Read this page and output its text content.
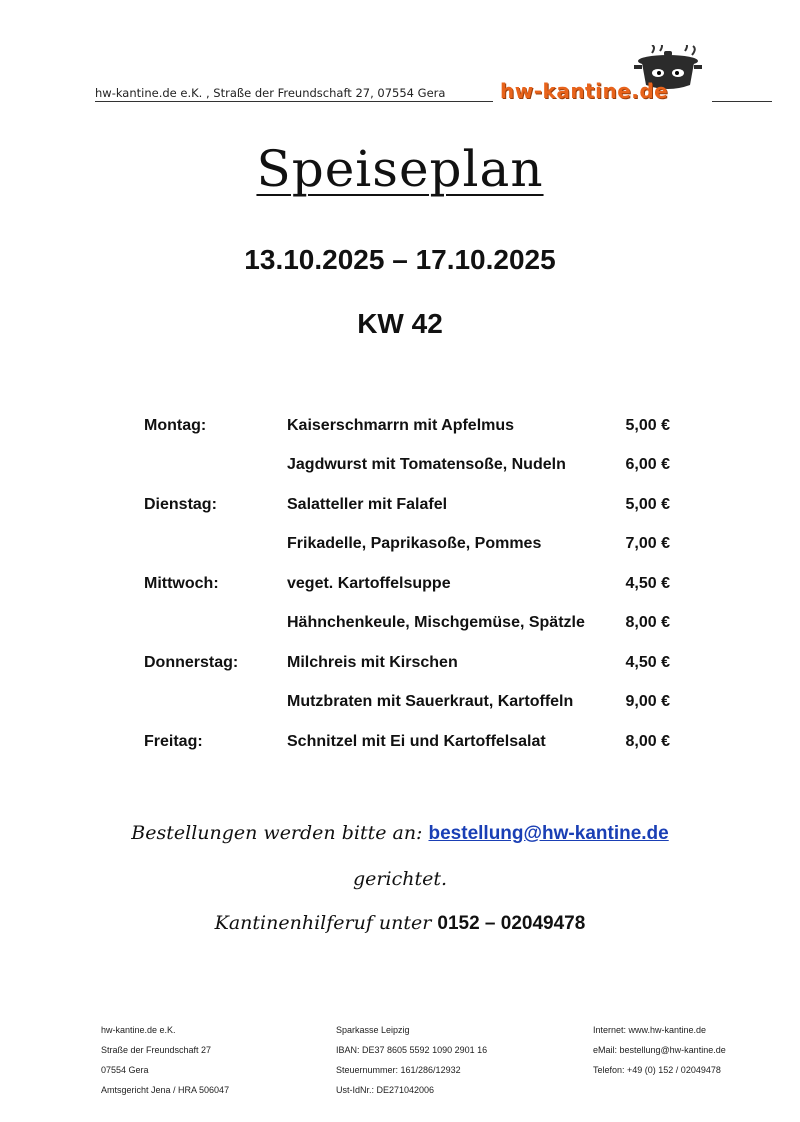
hw-kantine.de e.K. , Straße der Freundschaft 27, 07554 Gera	hw-kantine.de
Speiseplan
13.10.2025 – 17.10.2025
KW 42
Montag:	Kaiserschmarrn mit Apfelmus	5,00 €
Jagdwurst mit Tomatensoße, Nudeln	6,00 €
Dienstag:	Salatteller mit Falafel	5,00 €
Frikadelle, Paprikasoße, Pommes	7,00 €
Mittwoch:	veget. Kartoffelsuppe	4,50 €
Hähnchenkeule, Mischgemüse, Spätzle	8,00 €
Donnerstag:	Milchreis mit Kirschen	4,50 €
Mutzbraten mit Sauerkraut, Kartoffeln	9,00 €
Freitag:	Schnitzel mit Ei und Kartoffelsalat	8,00 €
Bestellungen werden bitte an: bestellung@hw-kantine.de
gerichtet.
Kantinenhilferuf unter 0152 – 02049478
hw-kantine.de e.K.
Straße der Freundschaft 27
07554 Gera
Amtsgericht Jena / HRA 506047
Sparkasse Leipzig
IBAN: DE37 8605 5592 1090 2901 16
Steuernummer: 161/286/12932
Ust-IdNr.: DE271042006
Internet: www.hw-kantine.de
eMail: bestellung@hw-kantine.de
Telefon: +49 (0) 152 / 02049478
